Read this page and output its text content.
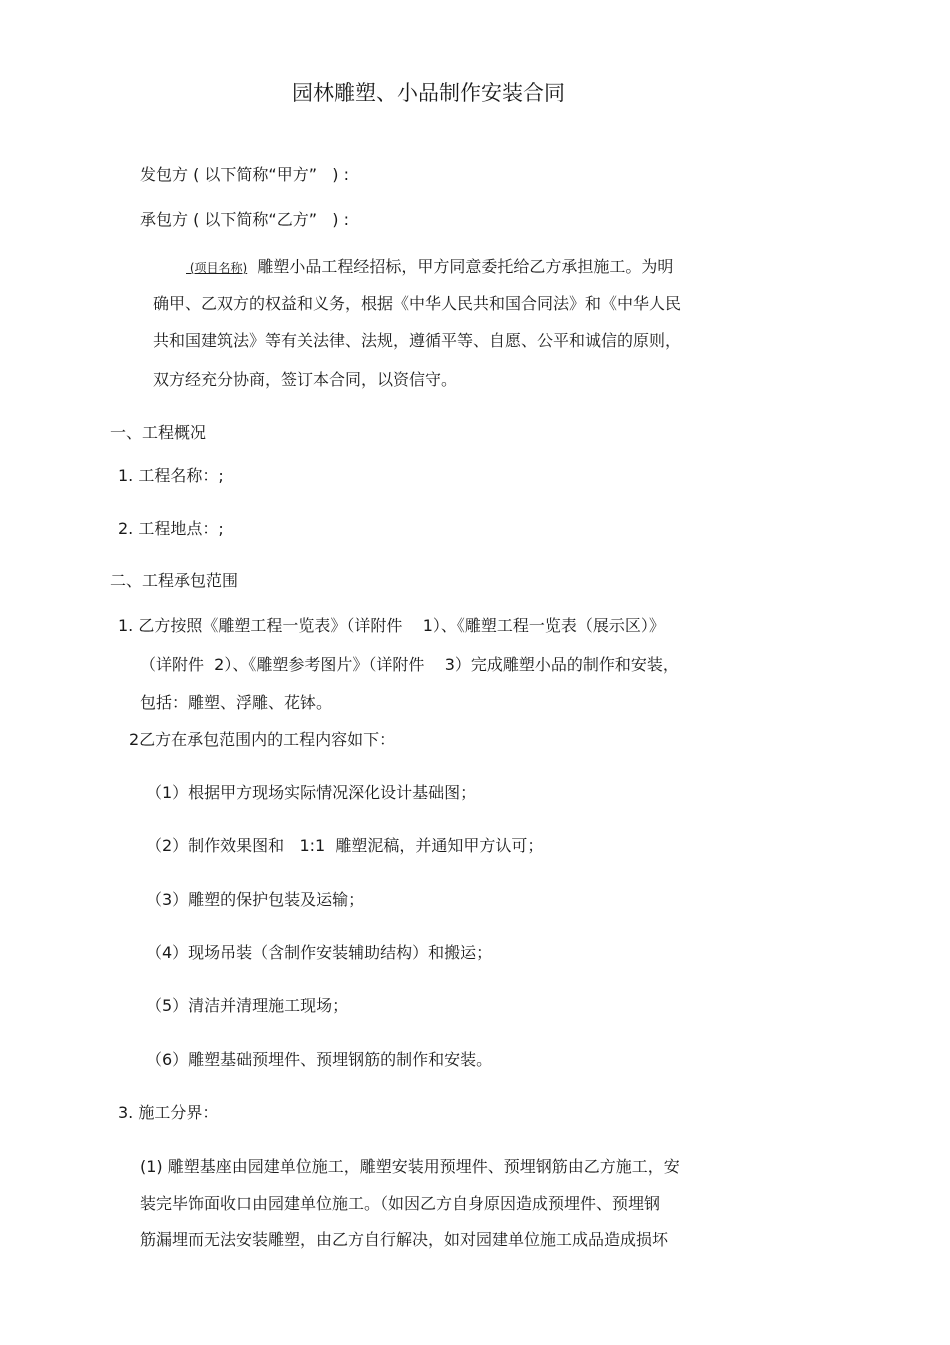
园林雕塑、小品制作安装合同
发包方 ( 以下简称“甲方”   ) :
承包方 ( 以下简称“乙方”   ) :
(项目名称)  雕塑小品工程经招标，甲方同意委托给乙方承担施工。为明
确甲、乙双方的权益和义务，根据《中华人民共和国合同法》和《中华人民
共和国建筑法》等有关法律、法规，遵循平等、自愿、公平和诚信的原则，
双方经充分协商，签订本合同，以资信守。
一、工程概况
1. 工程名称：;
2. 工程地点：;
二、工程承包范围
1. 乙方按照《雕塑工程一览表》（详附件    1）、《雕塑工程一览表（展示区）》
（详附件  2）、《雕塑参考图片》（详附件    3）完成雕塑小品的制作和安装，
包括：雕塑、浮雕、花钵。
2乙方在承包范围内的工程内容如下：
（1）根据甲方现场实际情况深化设计基础图；
（2）制作效果图和   1:1  雕塑泥稿，并通知甲方认可；
（3）雕塑的保护包装及运输；
（4）现场吊装（含制作安装辅助结构）和搬运；
（5）清洁并清理施工现场；
（6）雕塑基础预埋件、预埋钢筋的制作和安装。
3. 施工分界：
(1) 雕塑基座由园建单位施工，雕塑安装用预埋件、预埋钢筋由乙方施工，安
装完毕饰面收口由园建单位施工。（如因乙方自身原因造成预埋件、预埋钢
筋漏埋而无法安装雕塑，由乙方自行解决，如对园建单位施工成品造成损坏
